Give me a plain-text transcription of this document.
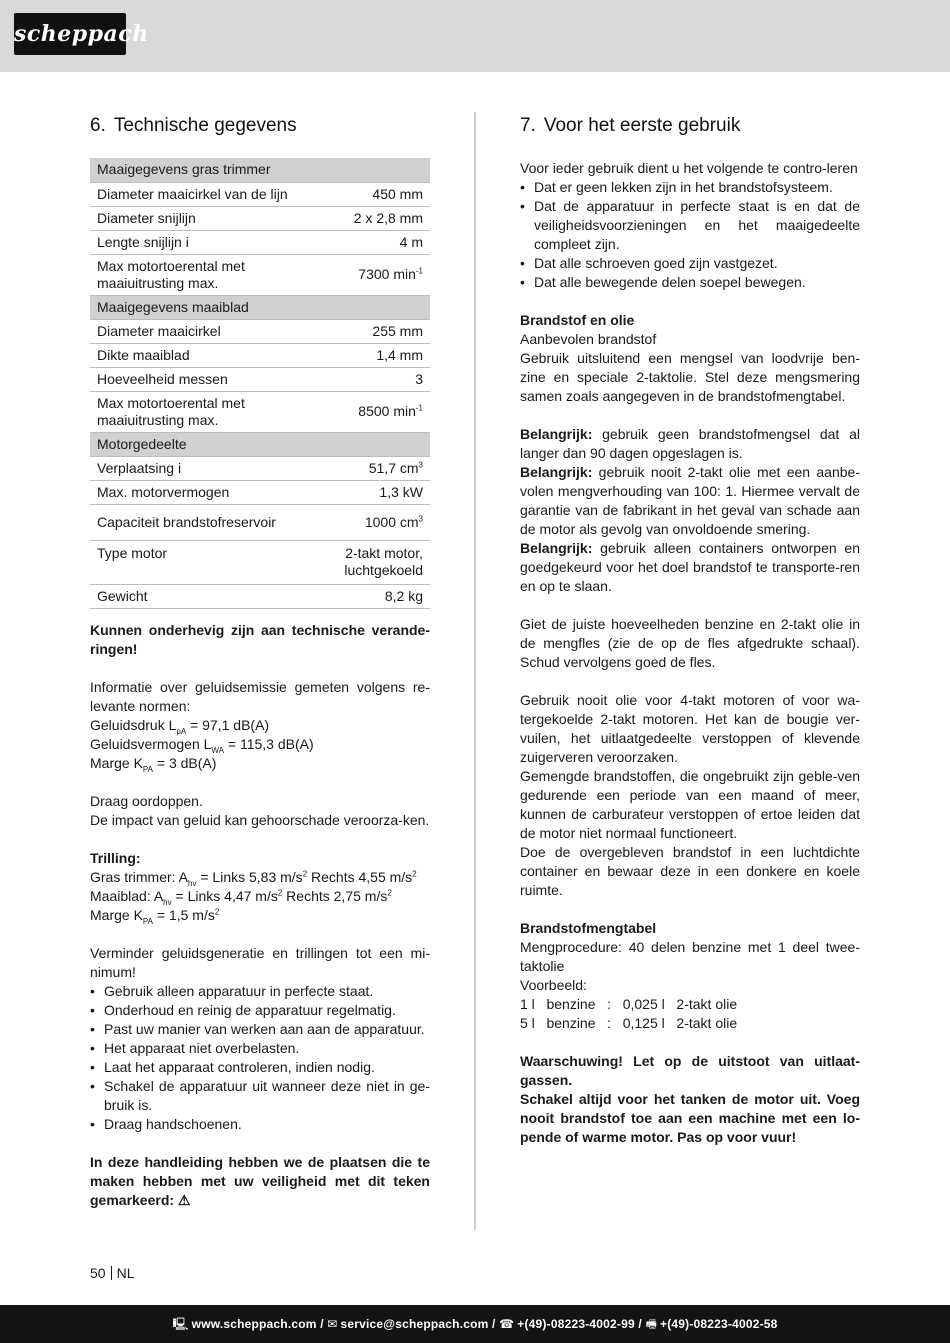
scheppach
6. Technische gegevens
Maaigegevens gras trimmer	
Diameter maaicirkel van de lijn	450 mm
Diameter snijlijn	2 x 2,8 mm
Lengte snijlijn i	4 m
Max motortoerental met
maaiuitrusting max.	7300 $\min^{-1}$
Maaigegevens maaiblad	
Diameter maaicirkel	255 mm
Dikte maaiblad	1,4 mm
Hoeveelheid messen	3
Max motortoerental met
maaiuitrusting max.	8500 $\min^{-1}$
Motorgedeelte	
Verplaatsing i	51,7 $cm^3$
Max. motorvermogen	1,3 kW
Capaciteit brandstofreservoir	1000 $cm^3$
Type motor	2-takt motor,
luchtgekoeld
Gewicht	8,2 kg

Kunnen onderhevig zijn aan technische verande-ringen!

Informatie over geluidsemissie gemeten volgens re-levante normen:

Geluidsdruk $L_{pA} = 97,1$ dB(A)

Geluidsvermogen $L_{WA} = 115,3$ dB(A)

Marge $K_{PA} = 3$ dB(A)

Draag oordoppen.

De impact van geluid kan gehoorschade veroorza-ken.

Trilling:

Gras trimmer: $A_{hv}$ = Links 5,83 $m/s^2$ Rechts 4,55 $m/s^2$

Maaiblad: $A_{hv}$ = Links 4,47 $m/s^2$ Rechts 2,75 $m/s^2$

Marge $K_{PA} = 1,5$ $m/s^2$

Verminder geluidsgeneratie en trillingen tot een mi-nimum!

• Gebruik alleen apparatuur in perfecte staat.
• Onderhoud en reinig de apparatuur regelmatig.
• Past uw manier van werken aan aan de apparatuur.
• Het apparaat niet overbelasten.
• Laat het apparaat controleren, indien nodig.
• Schakel de apparatuur uit wanneer deze niet in ge-bruik is.
• Draag handschoenen.

In deze handleiding hebben we de plaatsen die te maken hebben met uw veiligheid met dit teken gemarkeerd: ⚠

7. Voor het eerste gebruik

Voor ieder gebruik dient u het volgende te contro-leren

• Dat er geen lekken zijn in het brandstofsysteem.
• Dat de apparatuur in perfecte staat is en dat de veiligheidsvoorzieningen en het maaigedeelte compleet zijn.
• Dat alle schroeven goed zijn vastgezet.
• Dat alle bewegende delen soepel bewegen.

Brandstof en olie

Aanbevolen brandstof

Gebruik uitsluitend een mengsel van loodvrije ben-zine en speciale 2-taktolie. Stel deze mengsmering samen zoals aangegeven in de brandstofmengtabel.

Belangrijk: gebruik geen brandstofmengsel dat al langer dan 90 dagen opgeslagen is.

Belangrijk: gebruik nooit 2-takt olie met een aanbe-volen mengverhouding van 100: 1. Hiermee vervalt de garantie van de fabrikant in het geval van schade aan de motor als gevolg van onvoldoende smering.

Belangrijk: gebruik alleen containers ontworpen en goedgekeurd voor het doel brandstof te transporte-ren en op te slaan.

Giet de juiste hoeveelheden benzine en 2-takt olie in de mengfles (zie de op de fles afgedrukte schaal). Schud vervolgens goed de fles.

Gebruik nooit olie voor 4-takt motoren of voor wa-tergekoelde 2-takt motoren. Het kan de bougie ver-vuilen, het uitlaatgedeelte verstoppen of klevende zuigerveren veroorzaken.

Gemengde brandstoffen, die ongebruikt zijn geble-ven gedurende een periode van een maand of meer, kunnen de carburateur verstoppen of ertoe leiden dat de motor niet normaal functioneert.

Doe de overgebleven brandstof in een luchtdichte container en bewaar deze in een donkere en koele ruimte.

Brandstofmengtabel

Mengprocedure: 40 delen benzine met 1 deel twee-taktolie

Voorbeeld:

1 l   benzine   :   0,025 l   2-takt olie

5 l   benzine   :   0,125 l   2-takt olie

Waarschuwing! Let op de uitstoot van uitlaat-gassen.

Schakel altijd voor het tanken de motor uit. Voeg nooit brandstof toe aan een machine met een lo-pende of warme motor. Pas op voor vuur!

50 NL
🖳 www.scheppach.com / ✉ service@scheppach.com / ☎ +(49)-08223-4002-99 / 🖷 +(49)-08223-4002-58
